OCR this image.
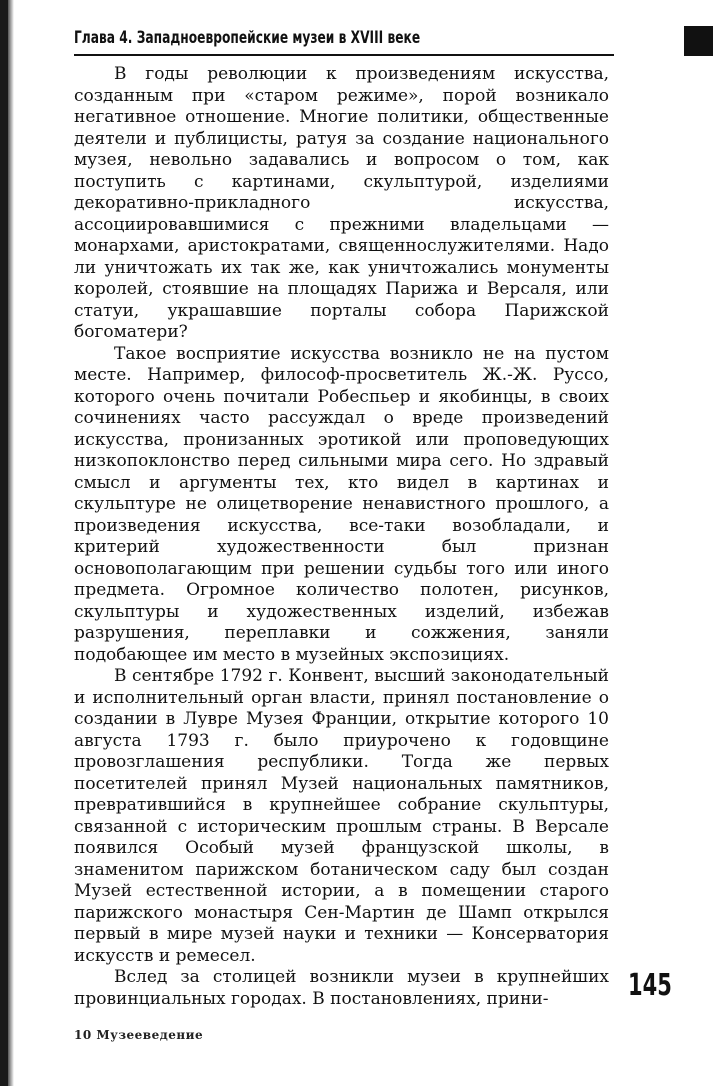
Глава 4. Западноевропейские музеи в XVIII веке

В годы революции к произведениям искусства, созданным при «старом режиме», порой возникало негативное отношение. Многие политики, общественные деятели и публицисты, ратуя за создание национального музея, невольно задавались и вопросом о том, как поступить с картинами, скульптурой, изделиями декоративно-прикладного искусства, ассоциировавшимися с прежними владельцами — монархами, аристократами, священнослужителями. Надо ли уничтожать их так же, как уничтожались монументы королей, стоявшие на площадях Парижа и Версаля, или статуи, украшавшие порталы собора Парижской богоматери?

Такое восприятие искусства возникло не на пустом месте. Например, философ-просветитель Ж.-Ж. Руссо, которого очень почитали Робеспьер и якобинцы, в своих сочинениях часто рассуждал о вреде произведений искусства, пронизанных эротикой или проповедующих низкопоклонство перед сильными мира сего. Но здравый смысл и аргументы тех, кто видел в картинах и скульптуре не олицетворение ненавистного прошлого, а произведения искусства, все-таки возобладали, и критерий художественности был признан основополагающим при решении судьбы того или иного предмета. Огромное количество полотен, рисунков, скульптуры и художественных изделий, избежав разрушения, переплавки и сожжения, заняли подобающее им место в музейных экспозициях.

В сентябре 1792 г. Конвент, высший законодательный и исполнительный орган власти, принял постановление о создании в Лувре Музея Франции, открытие которого 10 августа 1793 г. было приурочено к годовщине провозглашения республики. Тогда же первых посетителей принял Музей национальных памятников, превратившийся в крупнейшее собрание скульптуры, связанной с историческим прошлым страны. В Версале появился Особый музей французской школы, в знаменитом парижском ботаническом саду был создан Музей естественной истории, а в помещении старого парижского монастыря Сен-Мартин де Шамп открылся первый в мире музей науки и техники — Консерватория искусств и ремесел.

Вслед за столицей возникли музеи в крупнейших провинциальных городах. В постановлениях, прини-	145
10 Музееведение
